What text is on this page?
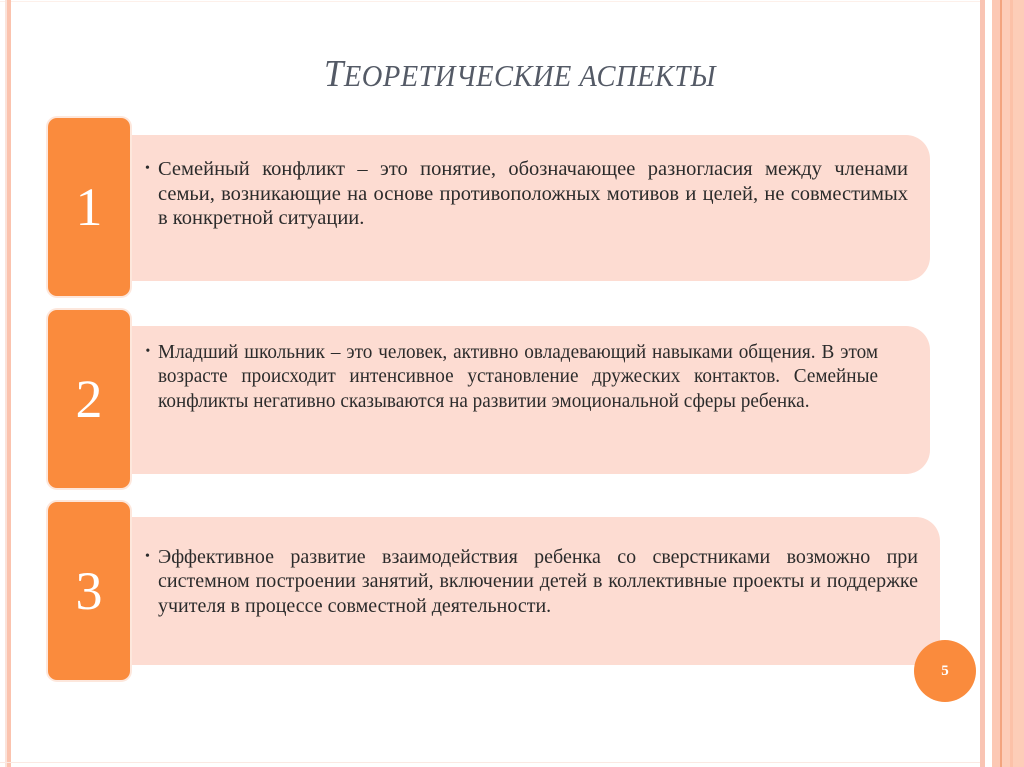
ТЕОРЕТИЧЕСКИЕ АСПЕКТЫ

• Семейный конфликт – это понятие, обозначающее разногласия между членами семьи, возникающие на основе противоположных мотивов и целей, не совместимых в конкретной ситуации.

1

• Младший школьник – это человек, активно овладевающий навыками общения. В этом возрасте происходит интенсивное установление дружеских контактов. Семейные конфликты негативно сказываются на развитии эмоциональной сферы ребенка.

2

• Эффективное развитие взаимодействия ребенка со сверстниками возможно при системном построении занятий, включении детей в коллективные проекты и поддержке учителя в процессе совместной деятельности.

3
5
